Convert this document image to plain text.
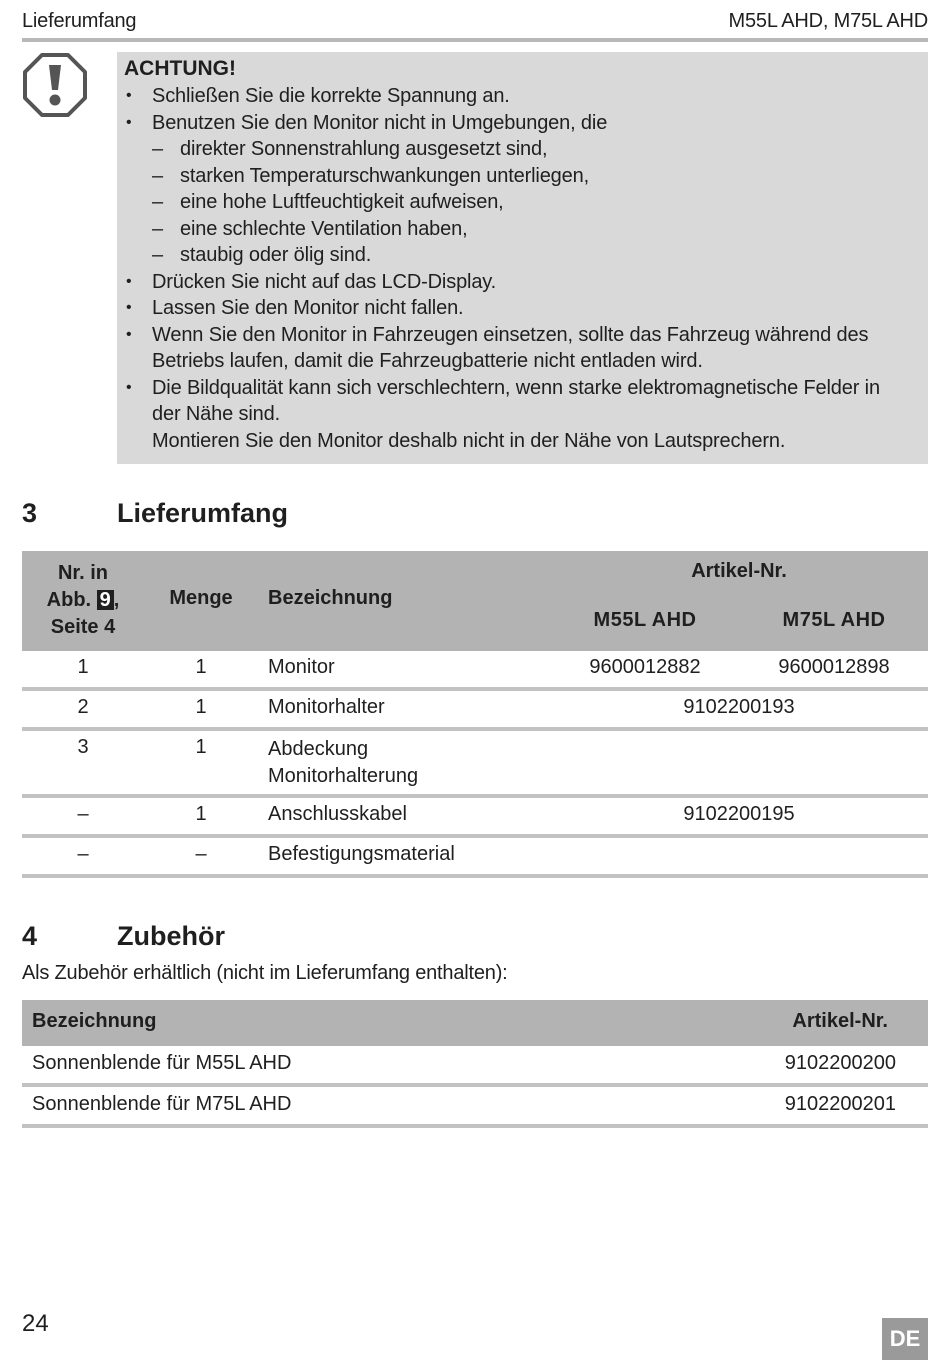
Lieferumfang	M55L AHD, M75L AHD
ACHTUNG!
• Schließen Sie die korrekte Spannung an.
• Benutzen Sie den Monitor nicht in Umgebungen, die
– direkter Sonnenstrahlung ausgesetzt sind,
– starken Temperaturschwankungen unterliegen,
– eine hohe Luftfeuchtigkeit aufweisen,
– eine schlechte Ventilation haben,
– staubig oder ölig sind.
• Drücken Sie nicht auf das LCD-Display.
• Lassen Sie den Monitor nicht fallen.
• Wenn Sie den Monitor in Fahrzeugen einsetzen, sollte das Fahrzeug während des
Betriebs laufen, damit die Fahrzeugbatterie nicht entladen wird.
• Die Bildqualität kann sich verschlechtern, wenn starke elektromagnetische Felder in
der Nähe sind.
Montieren Sie den Monitor deshalb nicht in der Nähe von Lautsprechern.
3	Lieferumfang
Nr. in
Abb. 9 ,
Seite 4
Menge	Bezeichnung
Artikel-Nr.
M55L AHD	M75L AHD
1	1	Monitor	9600012882	9600012898
2	1	Monitorhalter	9102200193
3	1	Abdeckung
Monitorhalterung
–	1	Anschlusskabel	9102200195
–	–	Befestigungsmaterial
4	Zubehör
Als Zubehör erhältlich (nicht im Lieferumfang enthalten):
Bezeichnung	Artikel-Nr.
Sonnenblende für M55L AHD	9102200200
Sonnenblende für M75L AHD	9102200201
24
DE
